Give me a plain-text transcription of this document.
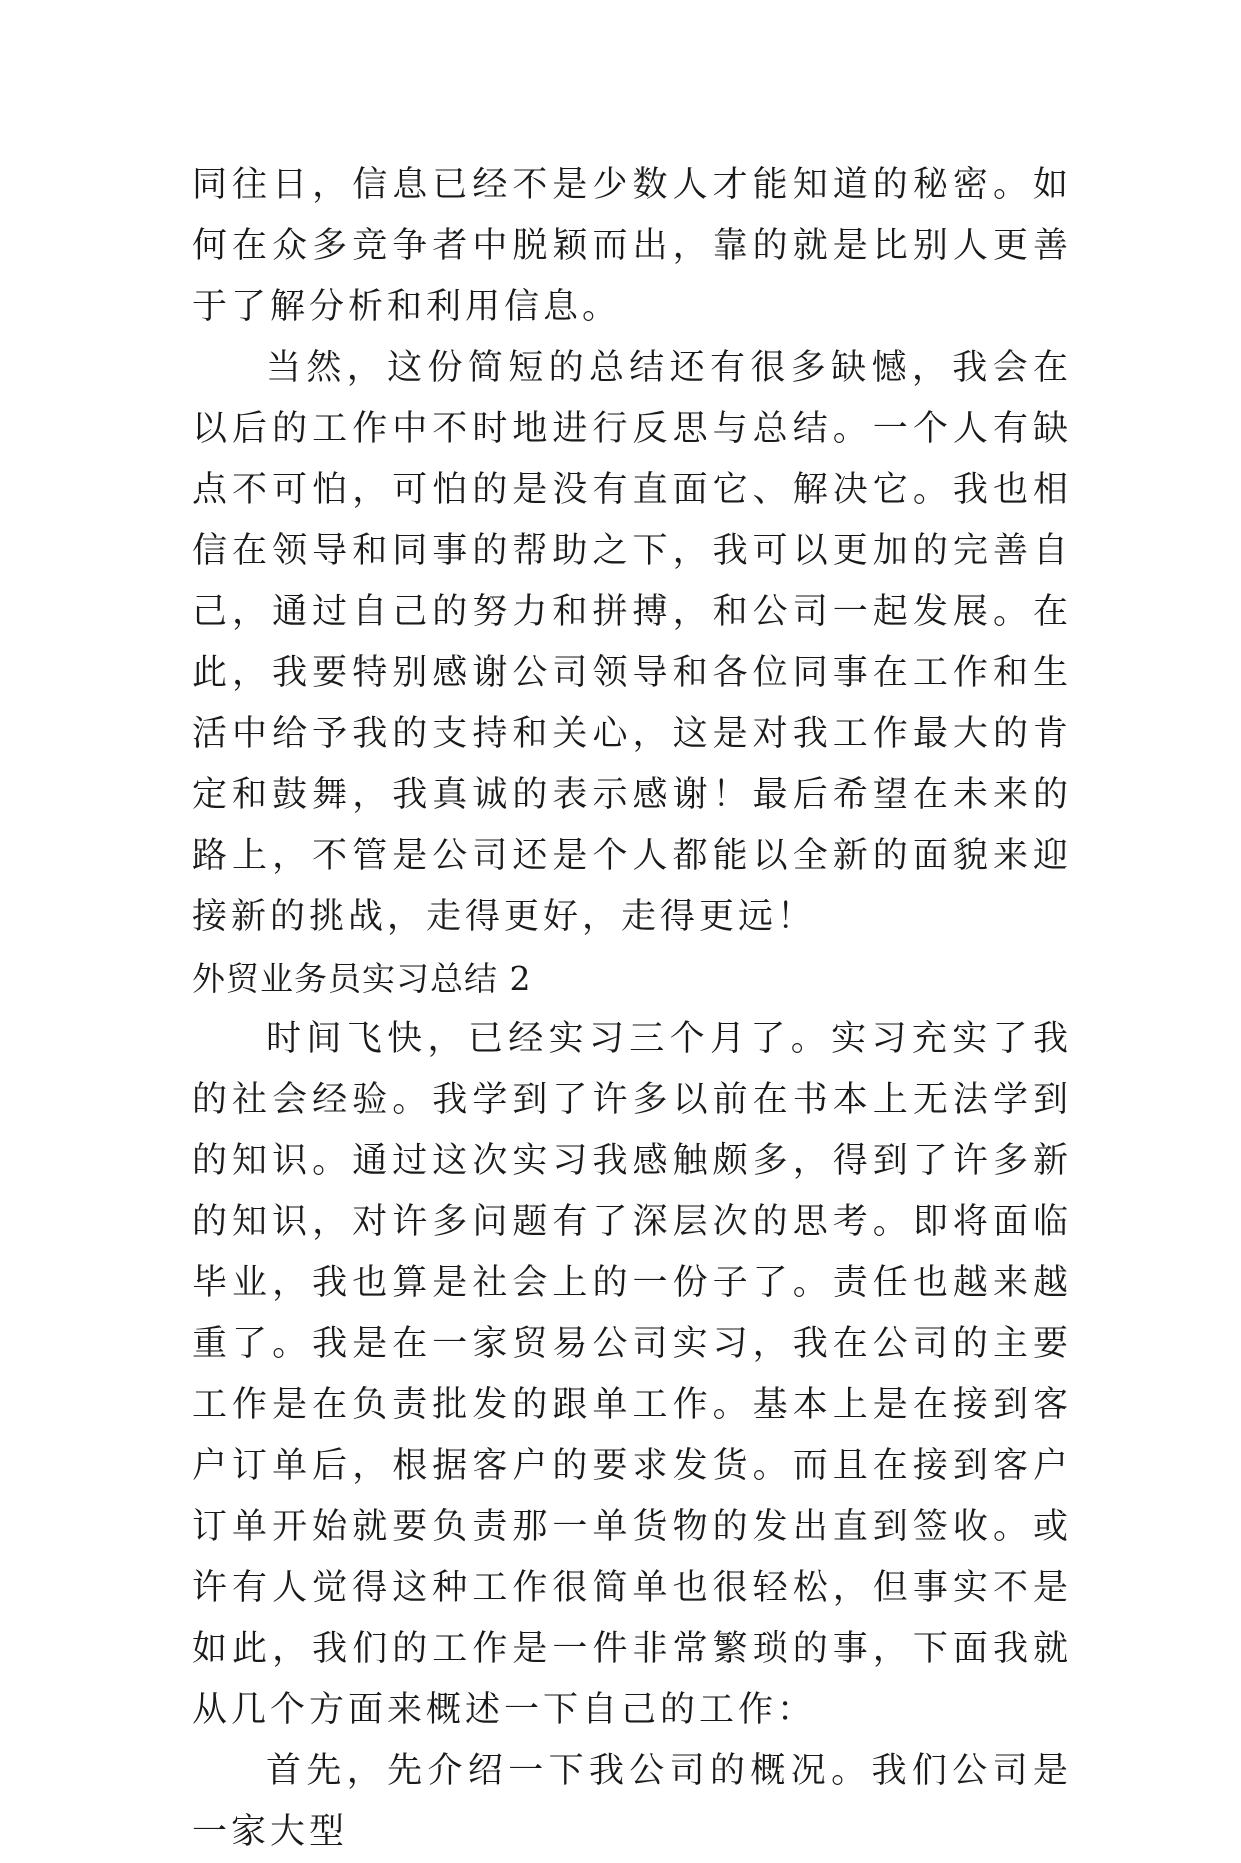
同往日，信息已经不是少数人才能知道的秘密。如何在众多竞争者中脱颖而出，靠的就是比别人更善于了解分析和利用信息。

当然，这份简短的总结还有很多缺憾，我会在以后的工作中不时地进行反思与总结。一个人有缺点不可怕，可怕的是没有直面它、解决它。我也相信在领导和同事的帮助之下，我可以更加的完善自己，通过自己的努力和拼搏，和公司一起发展。在此，我要特别感谢公司领导和各位同事在工作和生活中给予我的支持和关心，这是对我工作最大的肯定和鼓舞，我真诚的表示感谢！最后希望在未来的路上，不管是公司还是个人都能以全新的面貌来迎接新的挑战，走得更好，走得更远！

外贸业务员实习总结 2

时间飞快，已经实习三个月了。实习充实了我的社会经验。我学到了许多以前在书本上无法学到的知识。通过这次实习我感触颇多，得到了许多新的知识，对许多问题有了深层次的思考。即将面临毕业，我也算是社会上的一份子了。责任也越来越重了。我是在一家贸易公司实习，我在公司的主要工作是在负责批发的跟单工作。基本上是在接到客户订单后，根据客户的要求发货。而且在接到客户订单开始就要负责那一单货物的发出直到签收。或许有人觉得这种工作很简单也很轻松，但事实不是如此，我们的工作是一件非常繁琐的事，下面我就从几个方面来概述一下自己的工作：

首先，先介绍一下我公司的概况。我们公司是一家大型
